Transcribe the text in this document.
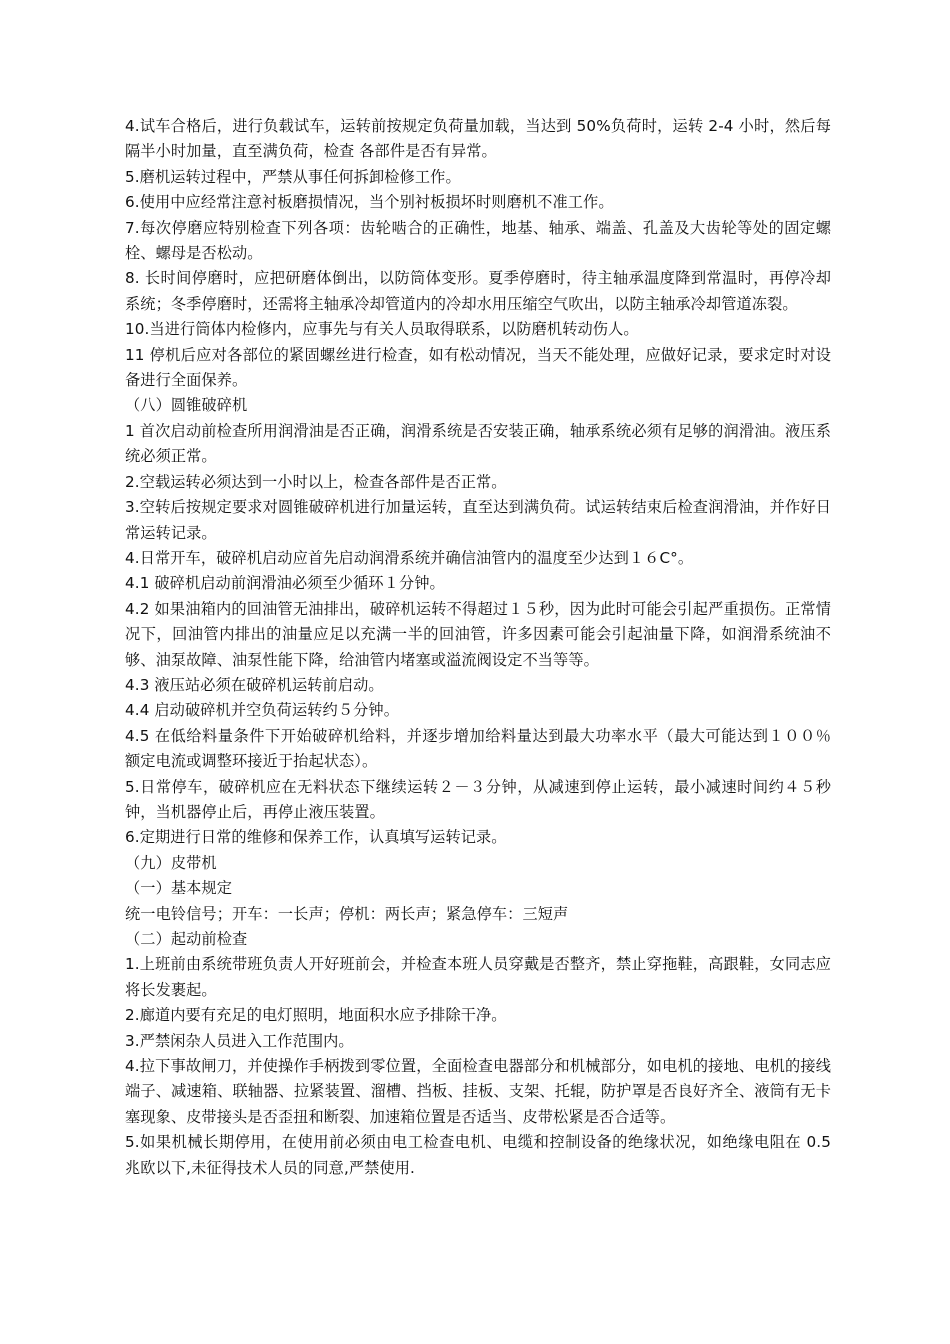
4.试车合格后，进行负载试车，运转前按规定负荷量加载，当达到 50%负荷时，运转 2-4 小时，然后每隔半小时加量，直至满负荷，检查 各部件是否有异常。

5.磨机运转过程中，严禁从事任何拆卸检修工作。

6.使用中应经常注意衬板磨损情况，当个别衬板损坏时则磨机不准工作。

7.每次停磨应特别检查下列各项：齿轮啮合的正确性，地基、轴承、端盖、孔盖及大齿轮等处的固定螺栓、螺母是否松动。

8. 长时间停磨时，应把研磨体倒出，以防筒体变形。夏季停磨时，待主轴承温度降到常温时，再停冷却系统；冬季停磨时，还需将主轴承冷却管道内的冷却水用压缩空气吹出，以防主轴承冷却管道冻裂。

10.当进行筒体内检修内，应事先与有关人员取得联系，以防磨机转动伤人。

11 停机后应对各部位的紧固螺丝进行检查，如有松动情况，当天不能处理，应做好记录，要求定时对设备进行全面保养。

（八）圆锥破碎机

1 首次启动前检查所用润滑油是否正确，润滑系统是否安装正确，轴承系统必须有足够的润滑油。液压系统必须正常。

2.空载运转必须达到一小时以上，检查各部件是否正常。

3.空转后按规定要求对圆锥破碎机进行加量运转，直至达到满负荷。试运转结束后检查润滑油，并作好日常运转记录。

4.日常开车，破碎机启动应首先启动润滑系统并确信油管内的温度至少达到１６C°。

4.1 破碎机启动前润滑油必须至少循环１分钟。

4.2 如果油箱内的回油管无油排出，破碎机运转不得超过１５秒，因为此时可能会引起严重损伤。正常情况下，回油管内排出的油量应足以充满一半的回油管，许多因素可能会引起油量下降，如润滑系统油不够、油泵故障、油泵性能下降，给油管内堵塞或溢流阀设定不当等等。

4.3 液压站必须在破碎机运转前启动。

4.4 启动破碎机并空负荷运转约５分钟。

4.5 在低给料量条件下开始破碎机给料，并逐步增加给料量达到最大功率水平（最大可能达到１００％　额定电流或调整环接近于抬起状态）。

5.日常停车，破碎机应在无料状态下继续运转２－３分钟，从减速到停止运转，最小减速时间约４５秒钟，当机器停止后，再停止液压装置。

6.定期进行日常的维修和保养工作，认真填写运转记录。

（九）皮带机

（一）基本规定

统一电铃信号；开车：一长声；停机：两长声；紧急停车：三短声

（二）起动前检查

1.上班前由系统带班负责人开好班前会，并检查本班人员穿戴是否整齐，禁止穿拖鞋，高跟鞋，女同志应将长发裹起。

2.廊道内要有充足的电灯照明，地面积水应予排除干净。

3.严禁闲杂人员进入工作范围内。

4.拉下事故闸刀，并使操作手柄拨到零位置，全面检查电器部分和机械部分，如电机的接地、电机的接线端子、减速箱、联轴器、拉紧装置、溜槽、挡板、挂板、支架、托辊，防护罩是否良好齐全、液筒有无卡塞现象、皮带接头是否歪扭和断裂、加速箱位置是否适当、皮带松紧是否合适等。

5.如果机械长期停用，在使用前必须由电工检查电机、电缆和控制设备的绝缘状况，如绝缘电阻在 0.5 兆欧以下,未征得技术人员的同意,严禁使用.
